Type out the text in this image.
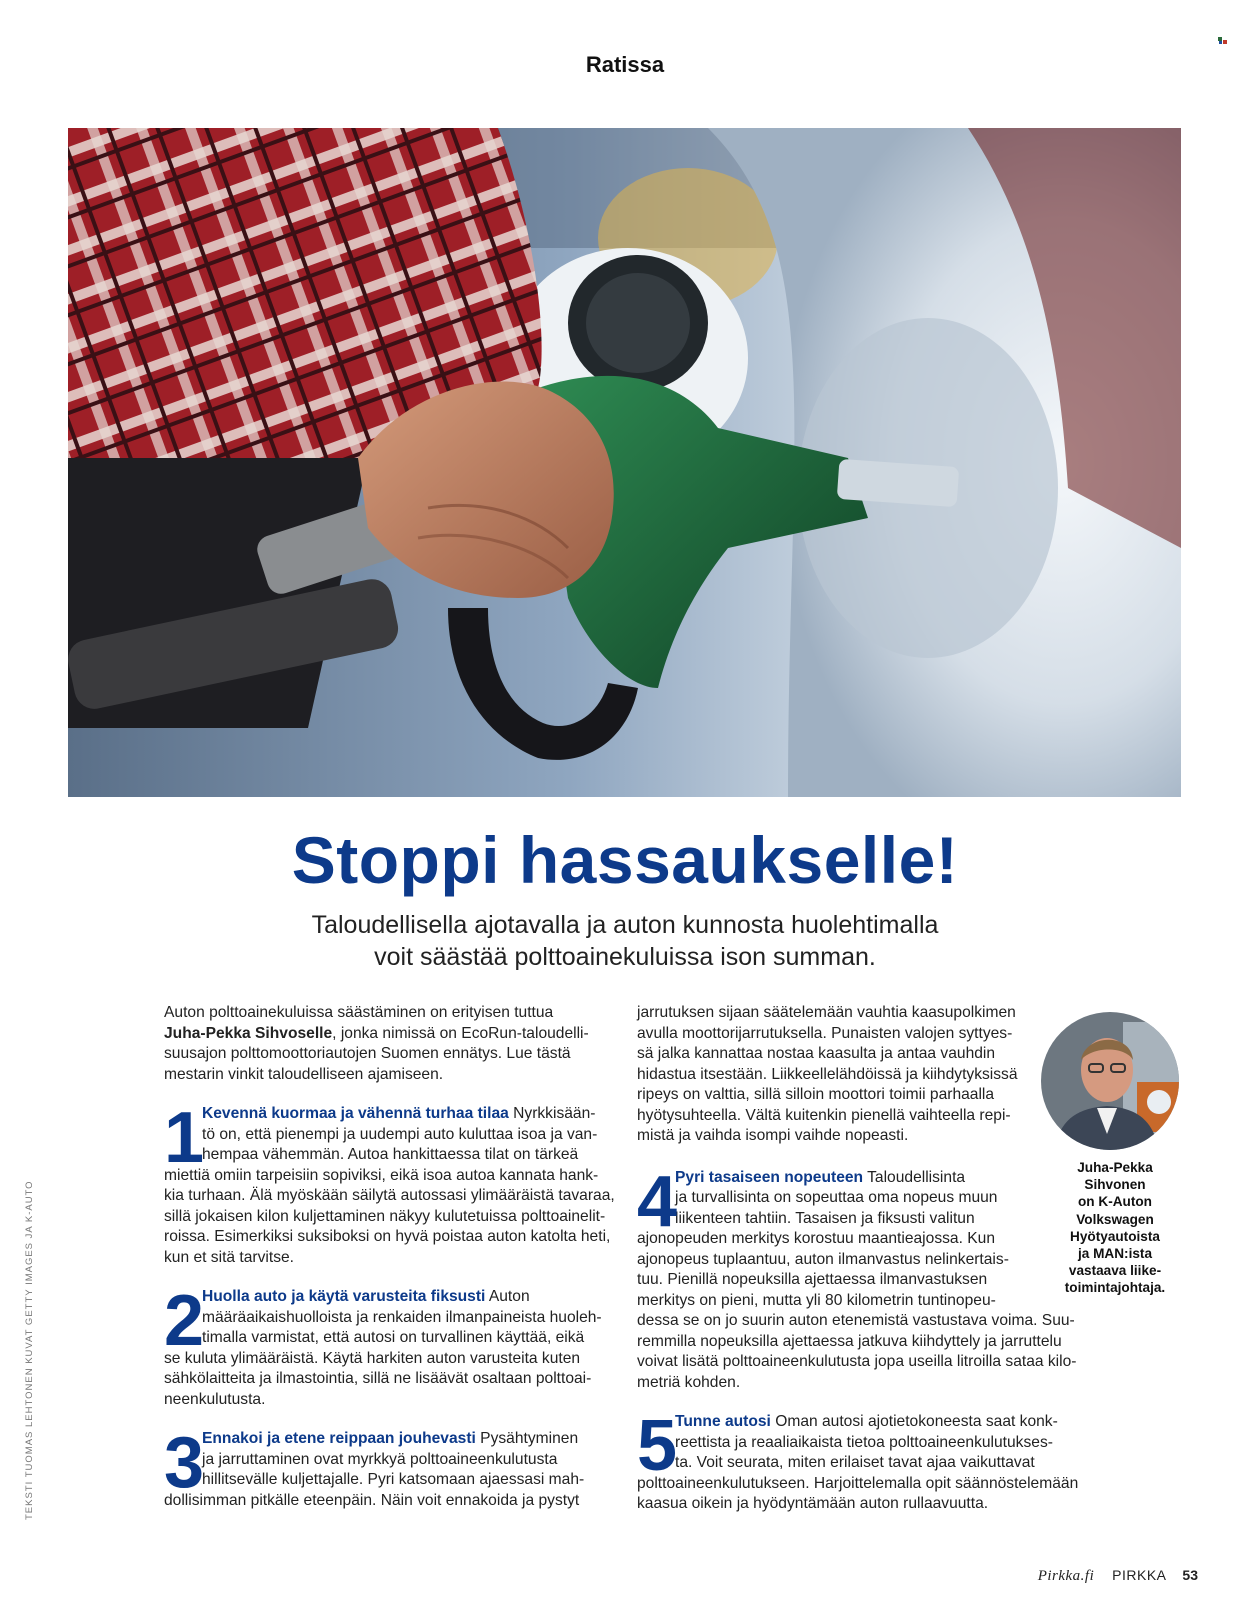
Ratissa
Stoppi hassaukselle!
Taloudellisella ajotavalla ja auton kunnosta huolehtimalla
voit säästää polttoainekuluissa ison summan.

Auton polttoainekuluissa säästäminen on erityisen tuttua
Juha-Pekka Sihvoselle, jonka nimissä on EcoRun-taloudelli-
suusajon polttomoottoriautojen Suomen ennätys. Lue tästä
mestarin vinkit taloudelliseen ajamiseen.

1
Kevennä kuormaa ja vähennä turhaa tilaa Nyrkkisään-
tö on, että pienempi ja uudempi auto kuluttaa isoa ja van-
hempaa vähemmän. Autoa hankittaessa tilat on tärkeä
miettiä omiin tarpeisiin sopiviksi, eikä isoa autoa kannata hank-
kia turhaan. Älä myöskään säilytä autossasi ylimääräistä tavaraa,
sillä jokaisen kilon kuljettaminen näkyy kulutetuissa polttoainelit-
roissa. Esimerkiksi suksiboksi on hyvä poistaa auton katolta heti,
kun et sitä tarvitse.
2
Huolla auto ja käytä varusteita fiksusti Auton
määräaikaishuolloista ja renkaiden ilmanpaineista huoleh-
timalla varmistat, että autosi on turvallinen käyttää, eikä
se kuluta ylimääräistä. Käytä harkiten auton varusteita kuten
sähkölaitteita ja ilmastointia, sillä ne lisäävät osaltaan polttoai-
neenkulutusta.
3
Ennakoi ja etene reippaan jouhevasti Pysähtyminen
ja jarruttaminen ovat myrkkyä polttoaineenkulutusta
hillitsevälle kuljettajalle. Pyri katsomaan ajaessasi mah-
dollisimman pitkälle eteenpäin. Näin voit ennakoida ja pystyt

jarrutuksen sijaan säätelemään vauhtia kaasupolkimen
avulla moottorijarrutuksella. Punaisten valojen syttyes-
sä jalka kannattaa nostaa kaasulta ja antaa vauhdin
hidastua itsestään. Liikkeellelähdöissä ja kiihdytyksissä
ripeys on valttia, sillä silloin moottori toimii parhaalla
hyötysuhteella. Vältä kuitenkin pienellä vaihteella repi-
mistä ja vaihda isompi vaihde nopeasti.

4
Pyri tasaiseen nopeuteen Taloudellisinta
ja turvallisinta on sopeuttaa oma nopeus muun
liikenteen tahtiin. Tasaisen ja fiksusti valitun
ajonopeuden merkitys korostuu maantieajossa. Kun
ajonopeus tuplaantuu, auton ilmanvastus nelinkertais-
tuu. Pienillä nopeuksilla ajettaessa ilmanvastuksen
merkitys on pieni, mutta yli 80 kilometrin tuntinopeu-
dessa se on jo suurin auton etenemistä vastustava voima. Suu-
remmilla nopeuksilla ajettaessa jatkuva kiihdyttely ja jarruttelu
voivat lisätä polttoaineenkulutusta jopa useilla litroilla sataa kilo-
metriä kohden.
5
Tunne autosi Oman autosi ajotietokoneesta saat konk-
reettista ja reaaliaikaista tietoa polttoaineenkulutukses-
ta. Voit seurata, miten erilaiset tavat ajaa vaikuttavat
polttoaineenkulutukseen. Harjoittelemalla opit säännöstelemään
kaasua oikein ja hyödyntämään auton rullaavuutta.
Juha-Pekka
Sihvonen
on K-Auton
Volkswagen
Hyötyautoista
ja MAN:ista
vastaava liike-
toimintajohtaja.
TEKSTI TUOMAS LEHTONEN KUVAT GETTY IMAGES JA K-AUTO
Pirkka.fi PIRKKA 53
